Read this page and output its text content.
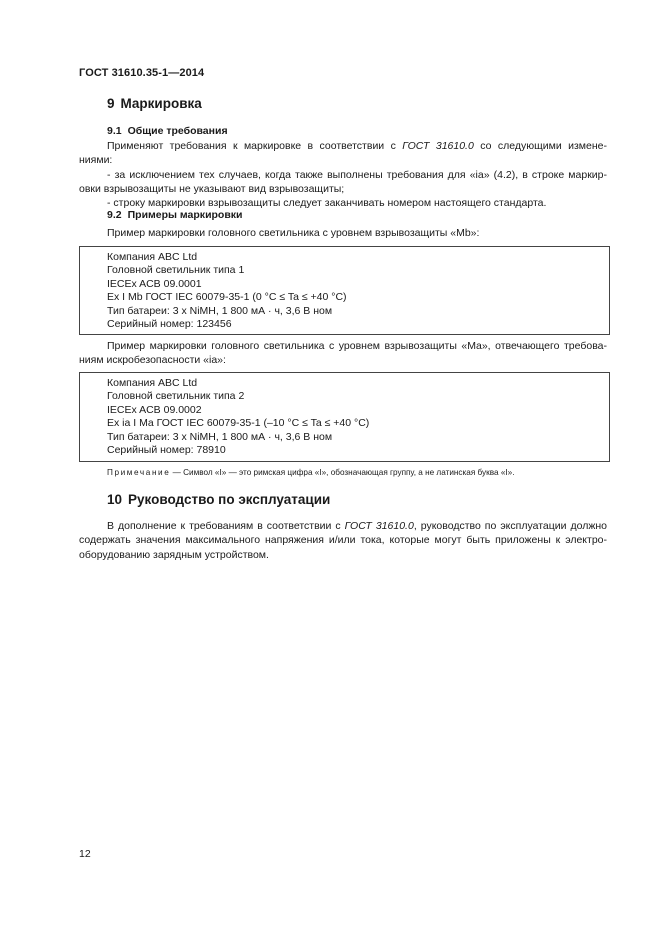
ГОСТ 31610.35-1—2014
9 Маркировка
9.1 Общие требования
Применяют требования к маркировке в соответствии с ГОСТ 31610.0 со следующими измене-
ниями:
- за исключением тех случаев, когда также выполнены требования для «ia» (4.2), в строке маркир-
овки взрывозащиты не указывают вид взрывозащиты;
- строку маркировки взрывозащиты следует заканчивать номером настоящего стандарта.
9.2 Примеры маркировки
Пример маркировки головного светильника с уровнем взрывозащиты «Mb»:
Компания ABC Ltd
Головной светильник типа 1
IECEx ACB 09.0001
Ex I Mb ГОСТ IEC 60079-35-1 (0 °C ≤ Ta ≤ +40 °C)
Тип батареи: 3 x NiMH, 1 800 мА · ч, 3,6 В ном
Серийный номер: 123456
Пример маркировки головного светильника с уровнем взрывозащиты «Ma», отвечающего требова-
ниям искробезопасности «ia»:
Компания ABC Ltd
Головной светильник типа 2
IECEx ACB 09.0002
Ex ia I Ma ГОСТ IEC 60079-35-1 (–10 °C ≤ Ta ≤ +40 °C)
Тип батареи: 3 x NiMH, 1 800 мА · ч, 3,6 В ном
Серийный номер: 78910
Примечание — Символ «I» — это римская цифра «I», обозначающая группу, а не латинская буква «I».
10 Руководство по эксплуатации
В дополнение к требованиям в соответствии с ГОСТ 31610.0, руководство по эксплуатации должно
содержать значения максимального напряжения и/или тока, которые могут быть приложены к электро-
оборудованию зарядным устройством.
12
